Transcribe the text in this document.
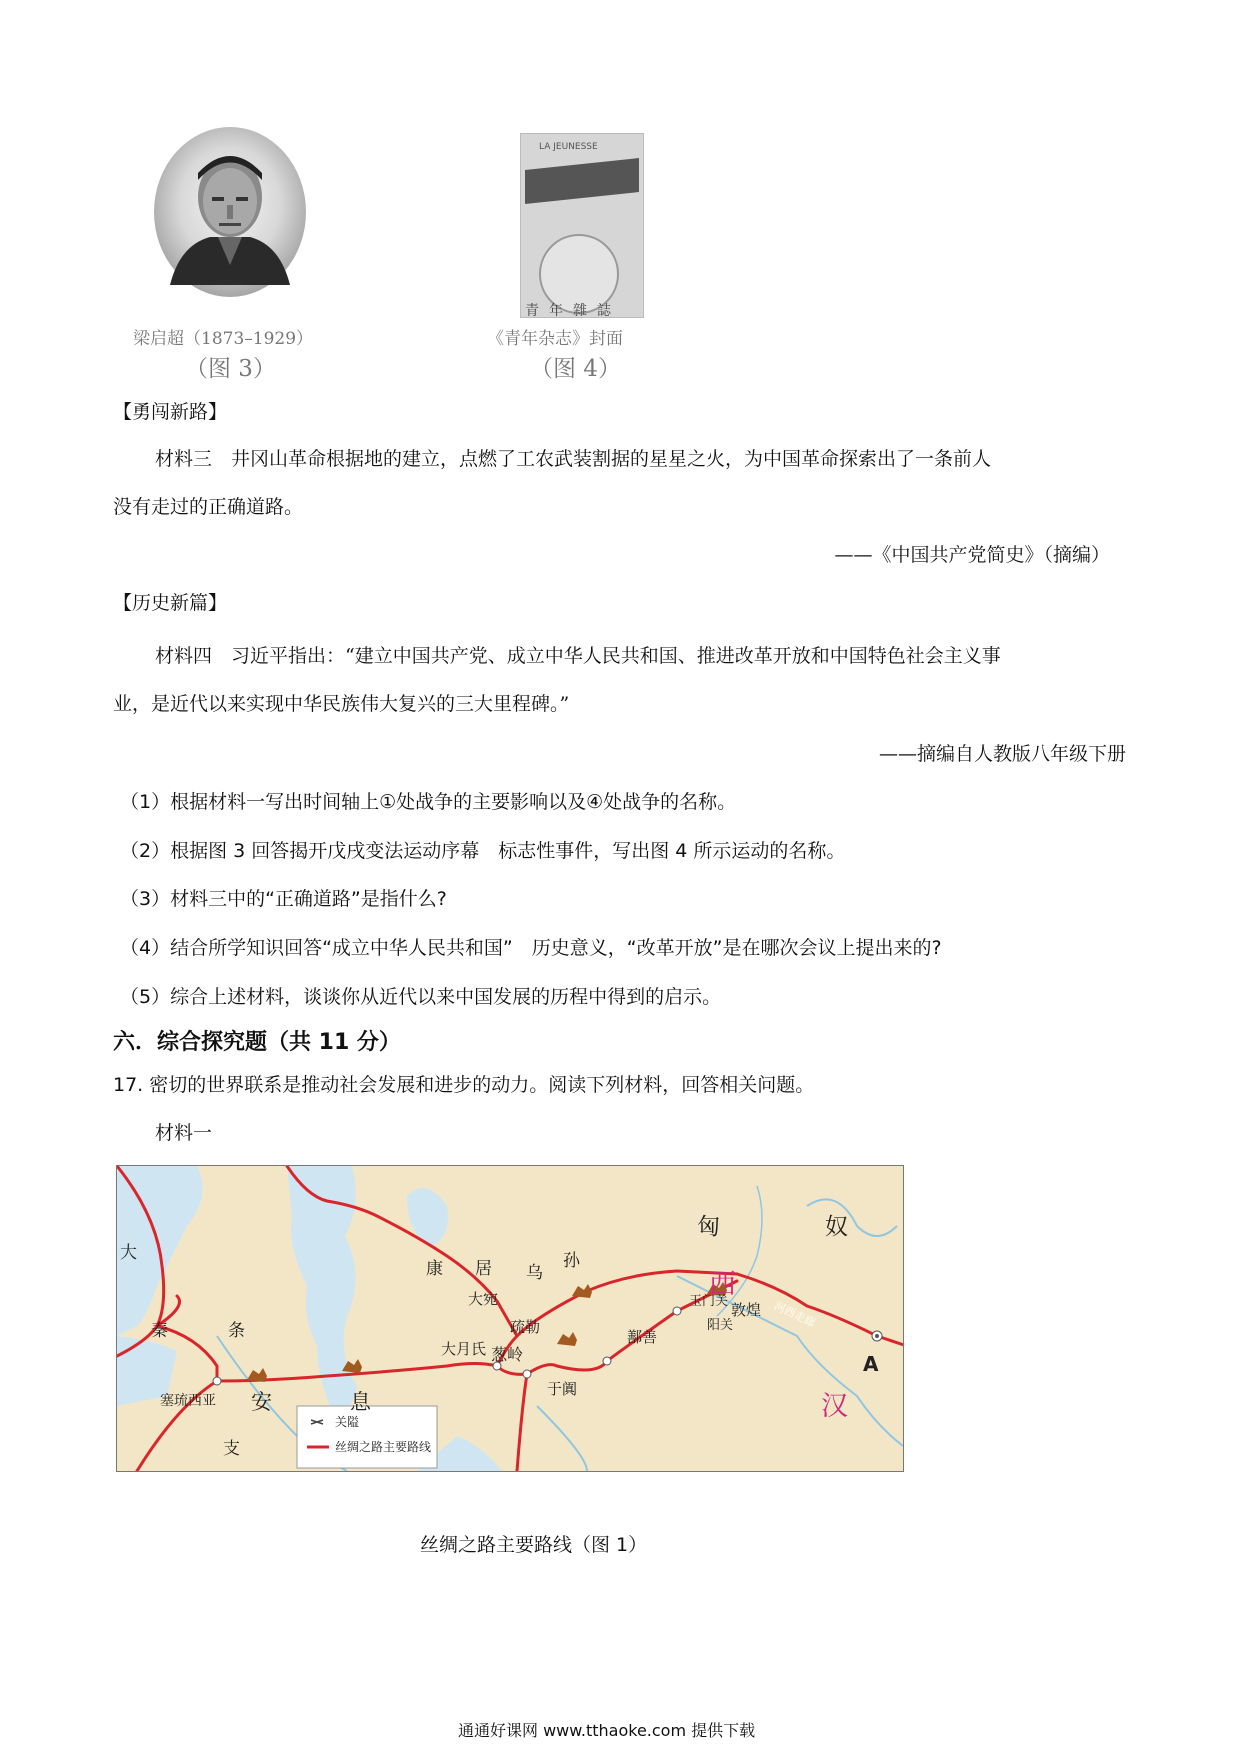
梁启超（1873–1929）
（图 3）
LA JEUNESSE
青年雜誌
《青年杂志》封面
（图 4）
【勇闯新路】
材料三　井冈山革命根据地的建立，点燃了工农武装割据的星星之火，为中国革命探索出了一条前人
没有走过的正确道路。
——《中国共产党简史》（摘编）
【历史新篇】
材料四　习近平指出：“建立中国共产党、成立中华人民共和国、推进改革开放和中国特色社会主义事
业，是近代以来实现中华民族伟大复兴的三大里程碑。”
——摘编自人教版八年级下册
（1）根据材料一写出时间轴上①处战争的主要影响以及④处战争的名称。
（2）根据图 3 回答揭开戊戌变法运动序幕　标志性事件，写出图 4 所示运动的名称。
（3）材料三中的“正确道路”是指什么?
（4）结合所学知识回答“成立中华人民共和国”　历史意义，“改革开放”是在哪次会议上提出来的?
（5）综合上述材料，谈谈你从近代以来中国发展的历程中得到的启示。
六．综合探究题（共 11 分）
17. 密切的世界联系是推动社会发展和进步的动力。阅读下列材料，回答相关问题。
材料一
匈	奴
西
汉
A
康 居 乌
孙
大宛
疏勒
葱岭
大月氏
于阗
鄯善
玉门关
阳关
敦煌 河西走廊
条
支
安	息
塞琉西亚
秦
大
关隘
丝绸之路主要路线
丝绸之路主要路线（图 1）
通通好课网 www.tthaoke.com 提供下载
